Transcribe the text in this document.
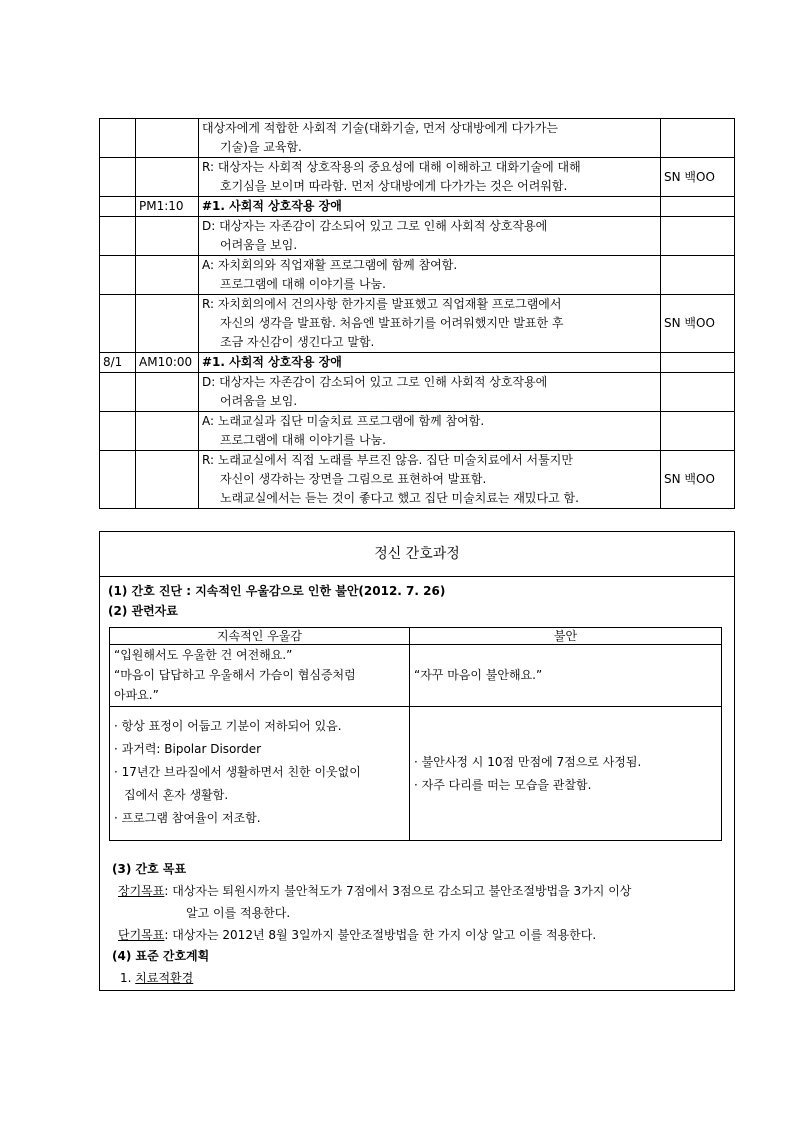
		대상자에게 적합한 사회적 기술(대화기술, 먼저 상대방에게 다가가는
기술)을 교육함.	

		R: 대상자는 사회적 상호작용의 중요성에 대해 이해하고 대화기술에 대해
호기심을 보이며 따라함. 먼저 상대방에게 다가가는 것은 어려워함.	SN 백OO
	PM1:10	#1. 사회적 상호작용 장애	

		D: 대상자는 자존감이 감소되어 있고 그로 인해 사회적 상호작용에
어려움을 보임.	

		A: 자치회의와 직업재활 프로그램에 함께 참여함.
프로그램에 대해 이야기를 나눔.	

		R: 자치회의에서 건의사항 한가지를 발표했고 직업재활 프로그램에서
자신의 생각을 발표함. 처음엔 발표하기를 어려워했지만 발표한 후
조금 자신감이 생긴다고 말함.	SN 백OO
8/1	AM10:00	#1. 사회적 상호작용 장애	

		D: 대상자는 자존감이 감소되어 있고 그로 인해 사회적 상호작용에
어려움을 보임.	

		A: 노래교실과 집단 미술치료 프로그램에 함께 참여함.
프로그램에 대해 이야기를 나눔.	

		R: 노래교실에서 직접 노래를 부르진 않음. 집단 미술치료에서 서툴지만
자신이 생각하는 장면을 그림으로 표현하여 발표함.
노래교실에서는 듣는 것이 좋다고 했고 집단 미술치료는 재밌다고 함.	SN 백OO
정신 간호과정
(1) 간호 진단 : 지속적인 우울감으로 인한 불안(2012. 7. 26)
(2) 관련자료
지속적인 우울감	불안

“입원해서도 우울한 건 여전해요.”
“마음이 답답하고 우울해서 가슴이 협심증처럼
아파요.”	“자꾸 마음이 불안해요.”

· 항상 표정이 어둡고 기분이 저하되어 있음.
· 과거력: Bipolar Disorder
· 17년간 브라질에서 생활하면서 친한 이웃없이
집에서 혼자 생활함.
· 프로그램 참여율이 저조함.	· 불안사정 시 10점 만점에 7점으로 사정됨.
· 자주 다리를 떠는 모습을 관찰함.
(3) 간호 목표
장기목표: 대상자는 퇴원시까지 불안척도가 7점에서 3점으로 감소되고 불안조절방법을 3가지 이상
알고 이를 적용한다.
단기목표: 대상자는 2012년 8월 3일까지 불안조절방법을 한 가지 이상 알고 이를 적용한다.
(4) 표준 간호계획
1. 치료적환경
